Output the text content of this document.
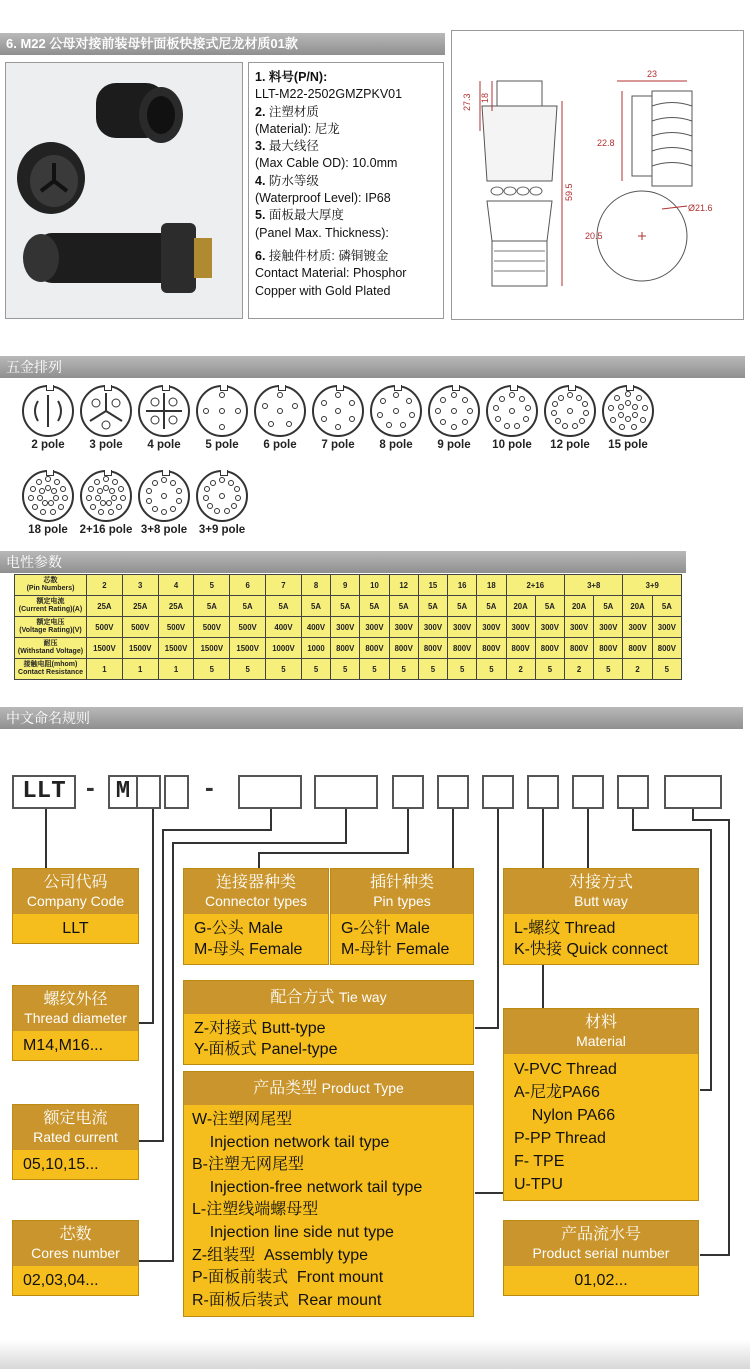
6. M22 公母对接前装母针面板快接式尼龙材质01款
1. 料号(P/N):
LLT-M22-2502GMZPKV01
2. 注塑材质
(Material): 尼龙
3. 最大线径
(Max Cable OD): 10.0mm
4. 防水等级
(Waterproof Level): IP68
5. 面板最大厚度
(Panel Max. Thickness):
6. 接触件材质: 磷铜镀金
Contact Material: Phosphor Copper with Gold Plated
27.3 18
59.5
23
22.8
Ø21.6
20.5
五金排列
2 pole	3 pole	4 pole	5 pole	6 pole	7 pole	8 pole	9 pole	10 pole	12 pole	15 pole
18 pole	2+16 pole 3+8 pole	3+9 pole
电性参数
芯数
(Pin Numbers)	2	3	4	5	6	7	8	9	10	12	15	16	18	2+16		3+8		3+9	

额定电流
(Current Rating)(A)	25A	25A	25A	5A	5A	5A	5A	5A	5A	5A	5A	5A	5A	20A	5A	20A	5A	20A	5A

额定电压
(Voltage Rating)(V)	500V	500V	500V	500V	500V	400V	400V	300V	300V	300V	300V	300V	300V	300V	300V	300V	300V	300V	300V

耐压
(Withstand Voltage)	1500V	1500V	1500V	1500V	1500V	1000V	1000	800V	800V	800V	800V	800V	800V	800V	800V	800V	800V	800V	800V

接触电阻(mhom)
Contact Resistance	1	1	1	5	5	5	5	5	5	5	5	5	5	2	5	2	5	2	5
中文命名规则
LLT - M	-
公司代码
Company Code
LLT
螺纹外径
Thread diameter
M14,M16...
额定电流
Rated current
05,10,15...
芯数
Cores number
02,03,04...
连接器种类
Connector types
G-公头 Male
M-母头 Female
插针种类
Pin types
G-公针 Male
M-母针 Female
配合方式 Tie way
Z-对接式 Butt-type
Y-面板式 Panel-type
产品类型 Product Type
W-注塑网尾型
Injection network tail type
B-注塑无网尾型
Injection-free network tail type
L-注塑线端螺母型
Injection line side nut type
Z-组装型  Assembly type
P-面板前装式  Front mount
R-面板后装式  Rear mount
对接方式
Butt way
L-螺纹 Thread
K-快接 Quick connect
材料
Material
V-PVC Thread
A-尼龙PA66
Nylon PA66
P-PP Thread
F- TPE
U-TPU
产品流水号
Product serial number
01,02...
